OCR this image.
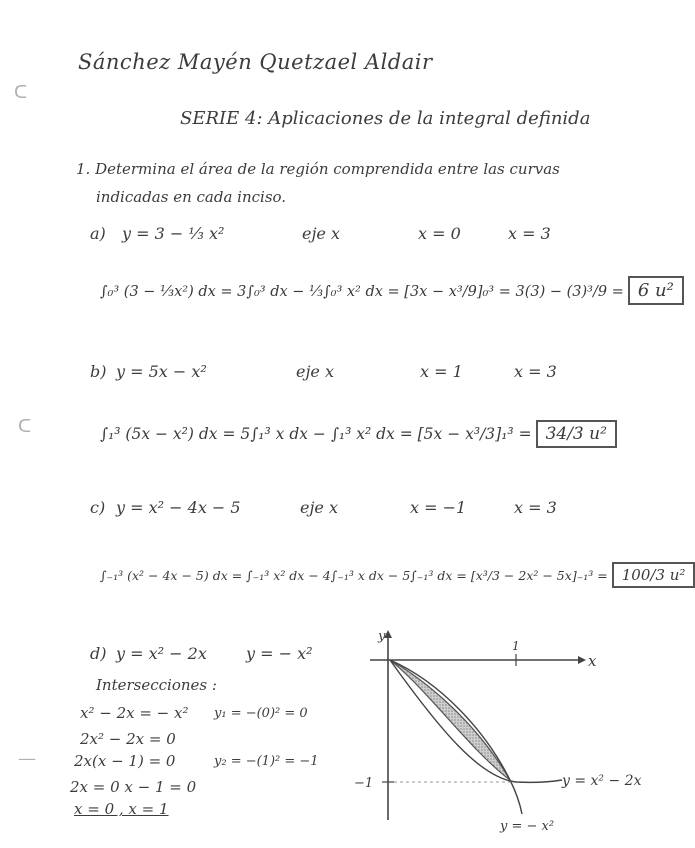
Sánchez Mayén Quetzael Aldair
ᑕ
SERIE 4: Aplicaciones de la integral definida
1. Determina el área de la región comprendida entre las curvas
indicadas en cada inciso.
a) y = 3 − ⅓ x²	eje x	x = 0	x = 3
∫₀³ (3 − ⅓x²) dx = 3∫₀³ dx − ⅓∫₀³ x² dx = [3x − x³/9]₀³ = 3(3) − (3)³/9 = 6 u²
b) y = 5x − x²	eje x	x = 1	x = 3
ᑕ	∫₁³ (5x − x²) dx = 5∫₁³ x dx − ∫₁³ x² dx = [5x − x³/3]₁³ = 34/3 u²
c) y = x² − 4x − 5	eje x	x = −1	x = 3
∫₋₁³ (x² − 4x − 5) dx = ∫₋₁³ x² dx − 4∫₋₁³ x dx − 5∫₋₁³ dx = [x³/3 − 2x² − 5x]₋₁³ = 100/3 u²
d) y = x² − 2x y = − x²
Intersecciones :
x² − 2x = − x²
2x² − 2x = 0
2x(x − 1) = 0
2x = 0 x − 1 = 0
x = 0 , x = 1
y₁ = −(0)² = 0
y₂ = −(1)² = −1
—
x
y
1
−1	y = x² − 2x
y = − x²
